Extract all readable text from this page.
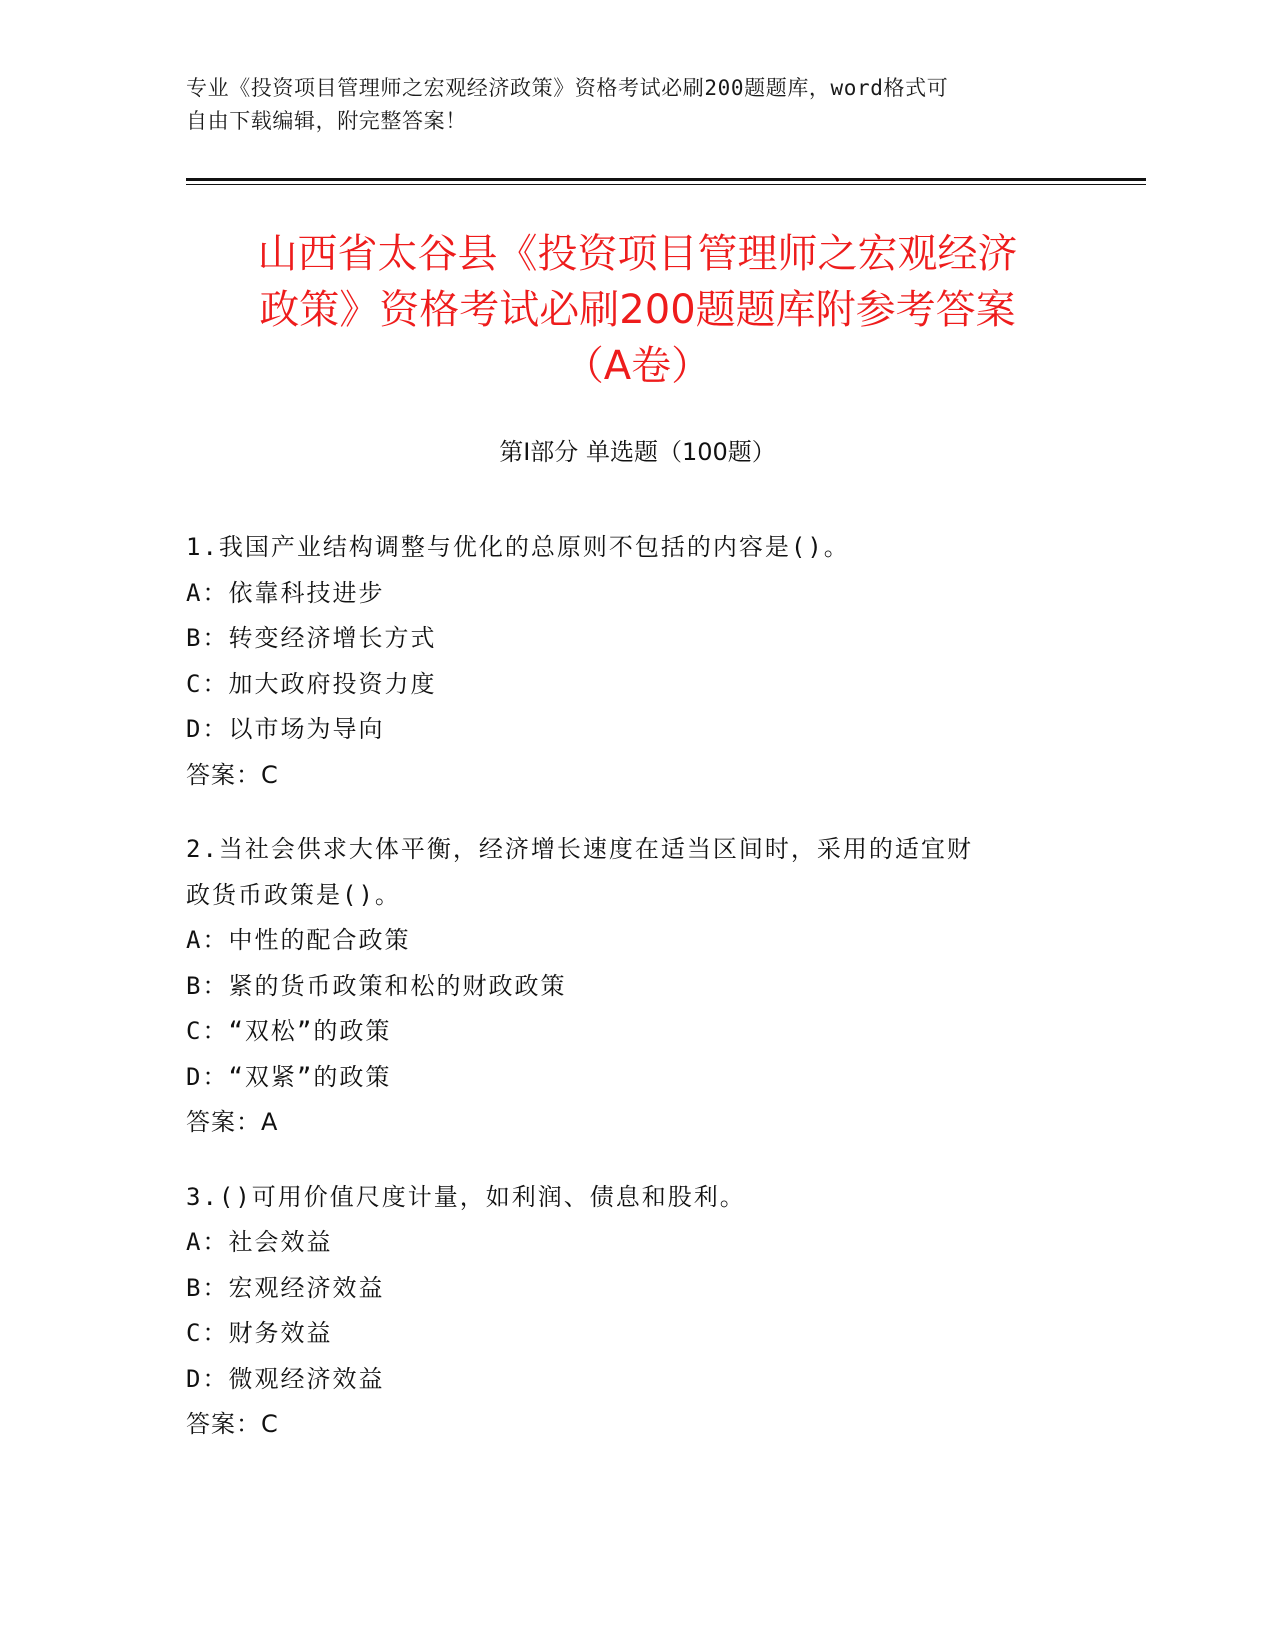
专业《投资项目管理师之宏观经济政策》资格考试必刷200题题库，word格式可
自由下载编辑，附完整答案！
山西省太谷县《投资项目管理师之宏观经济
政策》资格考试必刷200题题库附参考答案
（A卷）
第Ⅰ部分 单选题（100题）
1.我国产业结构调整与优化的总原则不包括的内容是()。
A：依靠科技进步
B：转变经济增长方式
C：加大政府投资力度
D：以市场为导向
答案：C
2.当社会供求大体平衡，经济增长速度在适当区间时，采用的适宜财
政货币政策是()。
A：中性的配合政策
B：紧的货币政策和松的财政政策
C：“双松”的政策
D：“双紧”的政策
答案：A
3.()可用价值尺度计量，如利润、债息和股利。
A：社会效益
B：宏观经济效益
C：财务效益
D：微观经济效益
答案：C
